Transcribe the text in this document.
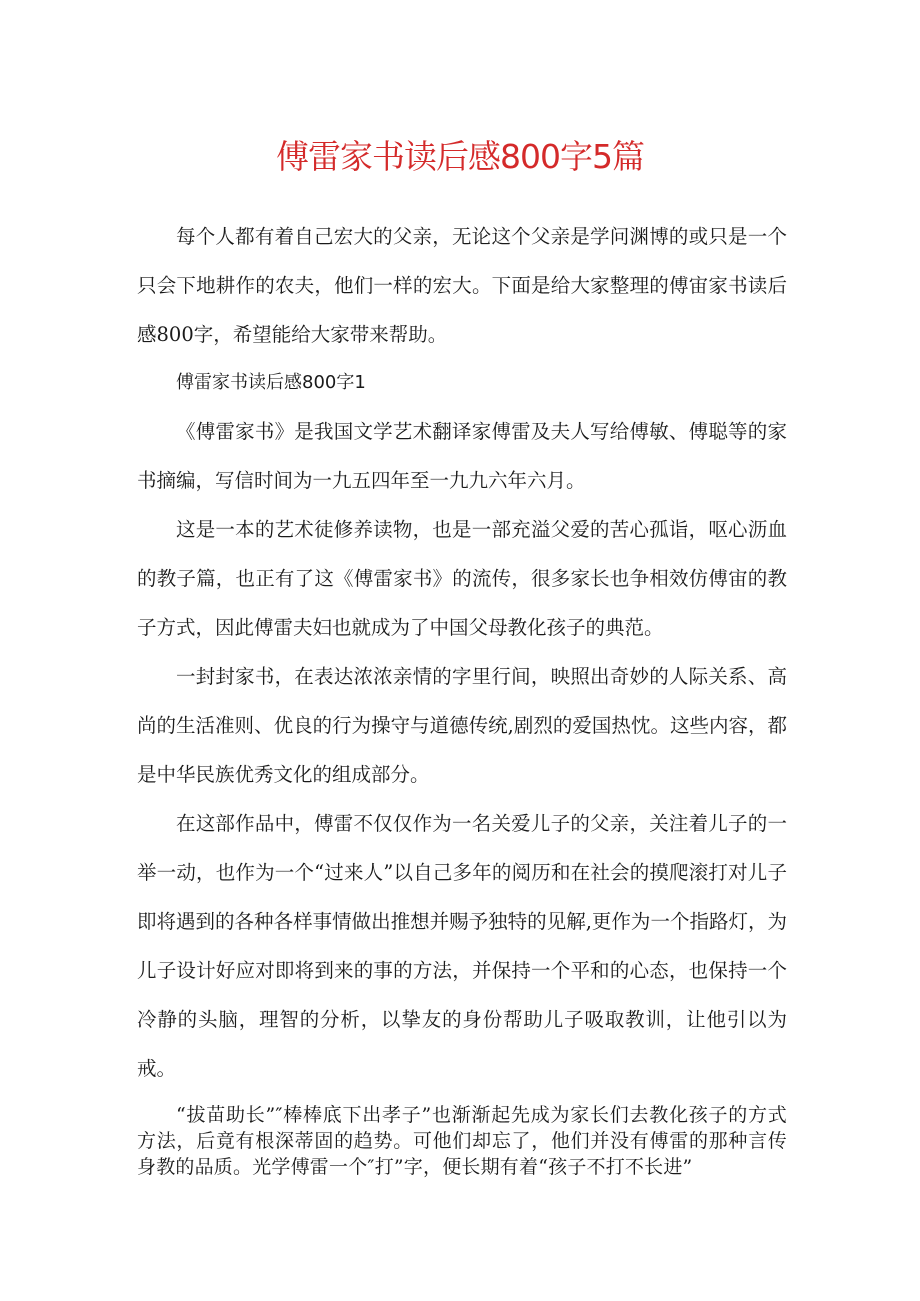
傅雷家书读后感800字5篇

每个人都有着自己宏大的父亲，无论这个父亲是学问渊博的或只是一个只会下地耕作的农夫，他们一样的宏大。下面是给大家整理的傅宙家书读后感800字，希望能给大家带来帮助。

傅雷家书读后感800字1

《傅雷家书》是我国文学艺术翻译家傅雷及夫人写给傅敏、傅聪等的家书摘编，写信时间为一九五四年至一九九六年六月。

这是一本的艺术徒修养读物，也是一部充溢父爱的苦心孤诣，呕心沥血的教子篇，也正有了这《傅雷家书》的流传，很多家长也争相效仿傅宙的教子方式，因此傅雷夫妇也就成为了中国父母教化孩子的典范。

一封封家书，在表达浓浓亲情的字里行间，映照出奇妙的人际关系、高尚的生活准则、优良的行为操守与道德传统,剧烈的爱国热忱。这些内容，都是中华民族优秀文化的组成部分。

在这部作品中，傅雷不仅仅作为一名关爱儿子的父亲，关注着儿子的一举一动，也作为一个“过来人”以自己多年的阅历和在社会的摸爬滚打对儿子即将遇到的各种各样事情做出推想并赐予独特的见解,更作为一个指路灯，为儿子设计好应对即将到来的事的方法，并保持一个平和的心态，也保持一个冷静的头脑，理智的分析，以挚友的身份帮助儿子吸取教训，让他引以为戒。

“拔苗助长”″棒棒底下出孝子”也渐渐起先成为家长们去教化孩子的方式方法，后竟有根深蒂固的趋势。可他们却忘了，他们并没有傅雷的那种言传身教的品质。光学傅雷一个″打”字，便长期有着“孩子不打不长进”
